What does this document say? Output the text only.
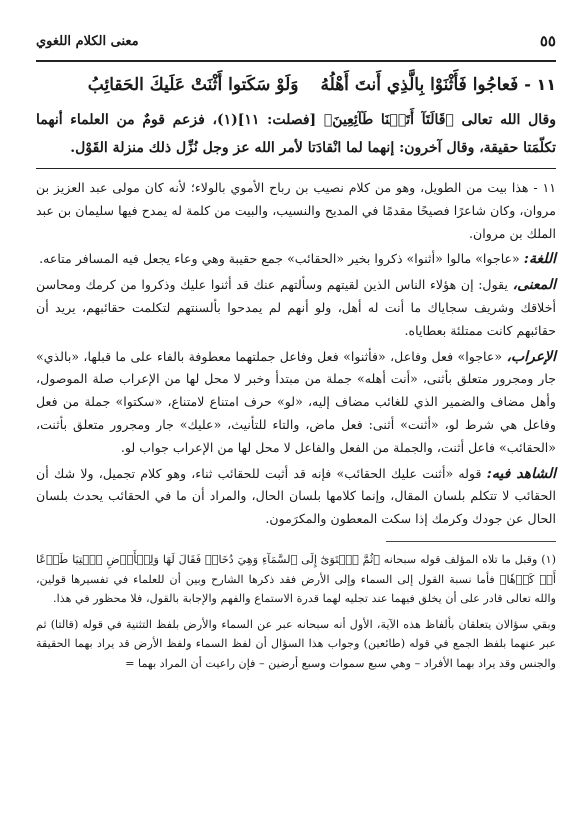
٥٥
معنى الكلام اللغوي
١١ -
فَعاجُوا فَأَثْنَوْا بِالَّذِي أَنتَ أَهْلُهُ
وَلَوْ سَكَتوا أَثْنَتْ عَلَيكَ الحَقائِبُ

وقال الله تعالى ﴿قَالَتَآ أَتَيۡنَا طَآئِعِينَ﴾ [فصلت: ١١](١)، فزعم قومٌ من العلماء أنهما تكلّمَتا حقيقة، وقال آخرون: إنهما لما انْقادَتا لأمر الله عز وجل نُزِّل ذلك منزلة القَوْل.

١١ - هذا بيت من الطويل، وهو من كلام نصيب بن رباح الأموي بالولاء؛ لأنه كان مولى عبد العزيز بن مروان، وكان شاعرًا فصيحًا مقدمًا في المديح والنسيب، والبيت من كلمة له يمدح فيها سليمان بن عبد الملك بن مروان.

اللغة: «عاجوا» مالوا «أثنوا» ذكروا بخير «الحقائب» جمع حقيبة وهي وعاء يجعل فيه المسافر متاعه.

المعنى، يقول: إن هؤلاء الناس الذين لقيتهم وسألتهم عنك قد أثنوا عليك وذكروا من كرمك ومحاسن أخلاقك وشريف سجاياك ما أنت له أهل، ولو أنهم لم يمدحوا بألسنتهم لتكلمت حقائبهم، يريد أن حقائبهم كانت ممتلئة بعطاياه.

الإعراب، «عاجوا» فعل وفاعل، «فأثنوا» فعل وفاعل جملتهما معطوفة بالفاء على ما قبلها، «بالذي» جار ومجرور متعلق بأثنى، «أنت أهله» جملة من مبتدأ وخبر لا محل لها من الإعراب صلة الموصول، وأهل مضاف والضمير الذي للغائب مضاف إليه، «لو» حرف امتناع لامتناع، «سكتوا» جملة من فعل وفاعل هي شرط لو، «أثنت» أثنى: فعل ماض، والتاء للتأنيث، «عليك» جار ومجرور متعلق بأثنت، «الحقائب» فاعل أثنت، والجملة من الفعل والفاعل لا محل لها من الإعراب جواب لو.

الشاهد فيه: قوله «أثنت عليك الحقائب» فإنه قد أثبت للحقائب ثناء، وهو كلام تجميل، ولا شك أن الحقائب لا تتكلم بلسان المقال، وإنما كلامها بلسان الحال، والمراد أن ما في الحقائب يحدث بلسان الحال عن جودك وكرمك إذا سكت المعطون والمكرَمون.

(١) وقبل ما تلاه المؤلف قوله سبحانه ﴿ثُمَّ ٱسۡتَوَىٰٓ إِلَى ٱلسَّمَآءِ وَهِيَ دُخَانٞ فَقَالَ لَهَا وَلِلۡأَرۡضِ ٱئۡتِيَا طَوۡعًا أَوۡ كَرۡهٗا﴾ فأما نسبة القول إلى السماء وإلى الأرض فقد ذكرها الشارح وبين أن للعلماء في تفسيرها قولين، والله تعالى قادر على أن يخلق فيهما عند تجليه لهما قدرة الاستماع والفهم والإجابة بالقول، فلا محظور في هذا.

وبقي سؤالان يتعلقان بألفاظ هذه الآية، الأول أنه سبحانه عبر عن السماء والأرض بلفظ التثنية في قوله (قالتا) ثم عبر عنهما بلفظ الجمع في قوله (طائعين) وجواب هذا السؤال أن لفظ السماء ولفظ الأرض قد يراد بهما الحقيقة والجنس وقد يراد بهما الأفراد – وهي سبع سموات وسبع أرضين – فإن راعيت أن المراد بهما =
